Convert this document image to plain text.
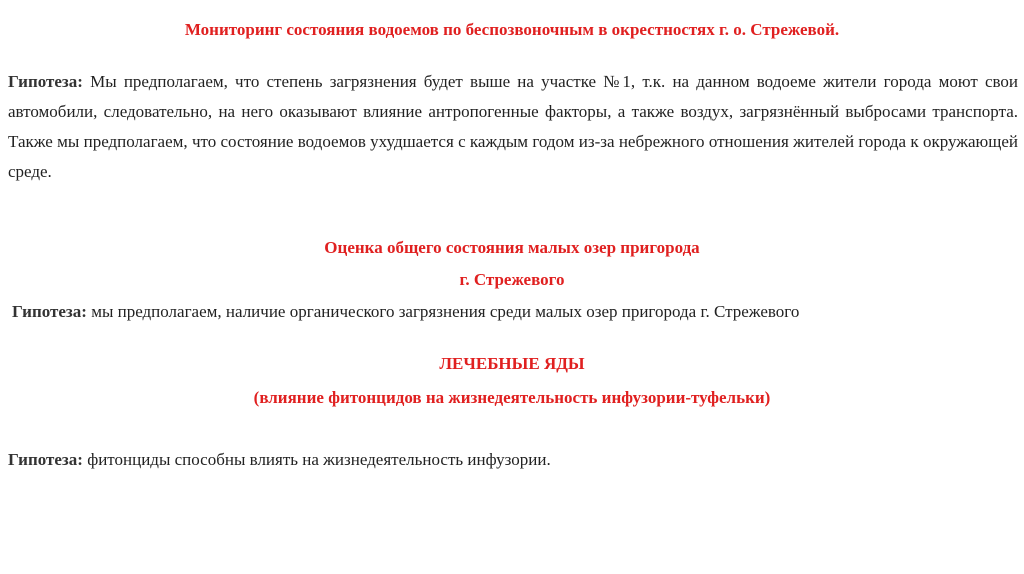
Мониторинг состояния водоемов по беспозвоночным в окрестностях г. о. Стрежевой.
Гипотеза: Мы предполагаем, что степень загрязнения будет выше на участке №1, т.к. на данном водоеме жители города моют свои автомобили, следовательно, на него оказывают влияние антропогенные факторы, а также воздух, загрязнённый выбросами транспорта. Также мы предполагаем, что состояние водоемов ухудшается с каждым годом из-за небрежного отношения жителей города к окружающей среде.
Оценка общего состояния малых озер пригорода
г. Стрежевого
Гипотеза: мы предполагаем, наличие органического загрязнения среди малых озер пригорода г. Стрежевого
ЛЕЧЕБНЫЕ ЯДЫ
(влияние фитонцидов на жизнедеятельность инфузории-туфельки)
Гипотеза: фитонциды способны влиять на жизнедеятельность инфузории.
